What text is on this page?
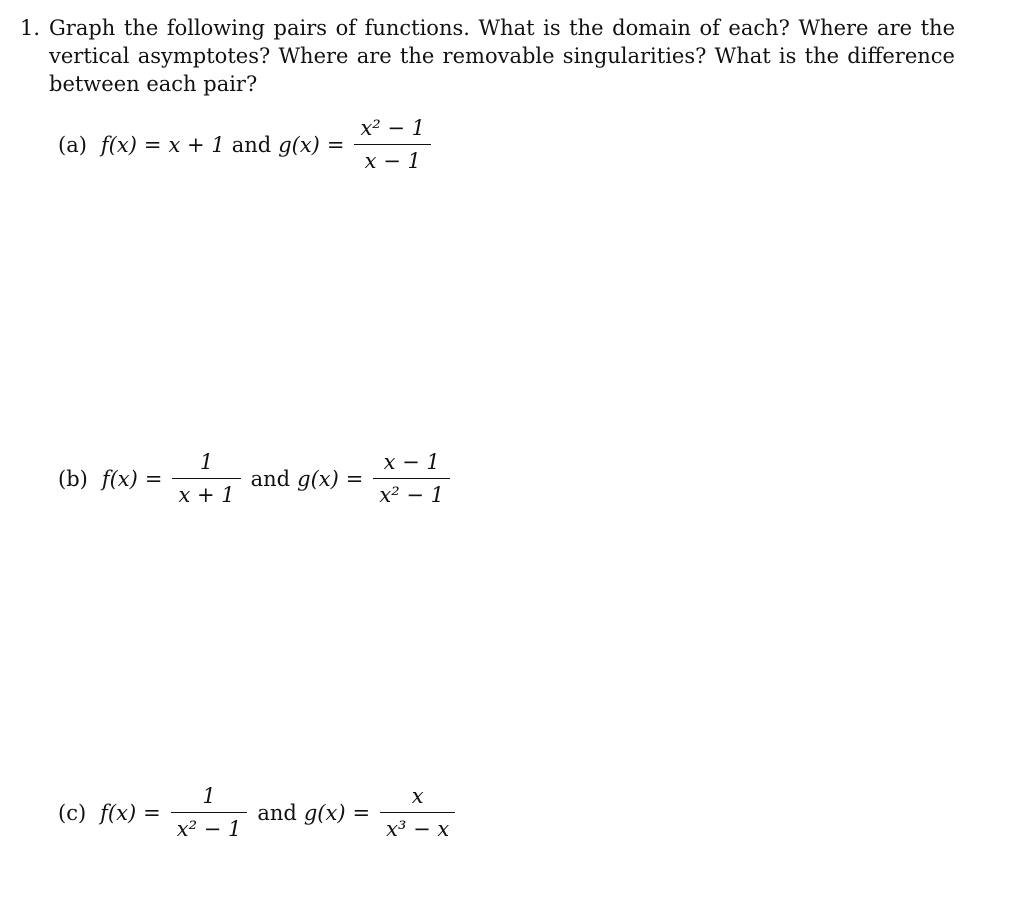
1. Graph the following pairs of functions. What is the domain of each? Where are the vertical asymptotes? Where are the removable singularities? What is the difference between each pair?
(a) f(x) = x + 1 and $g(x) = \frac{\text{x² − 1}}{x - 1}$
(b) $f(x) = \frac{1}{x + 1}$ and $g(x) = \frac{x - 1}{\text{x² − 1}}$
(c) $f(x) = \frac{1}{\text{x² − 1}}$ and $g(x) = \frac{x}{\text{x³ − x}}$
